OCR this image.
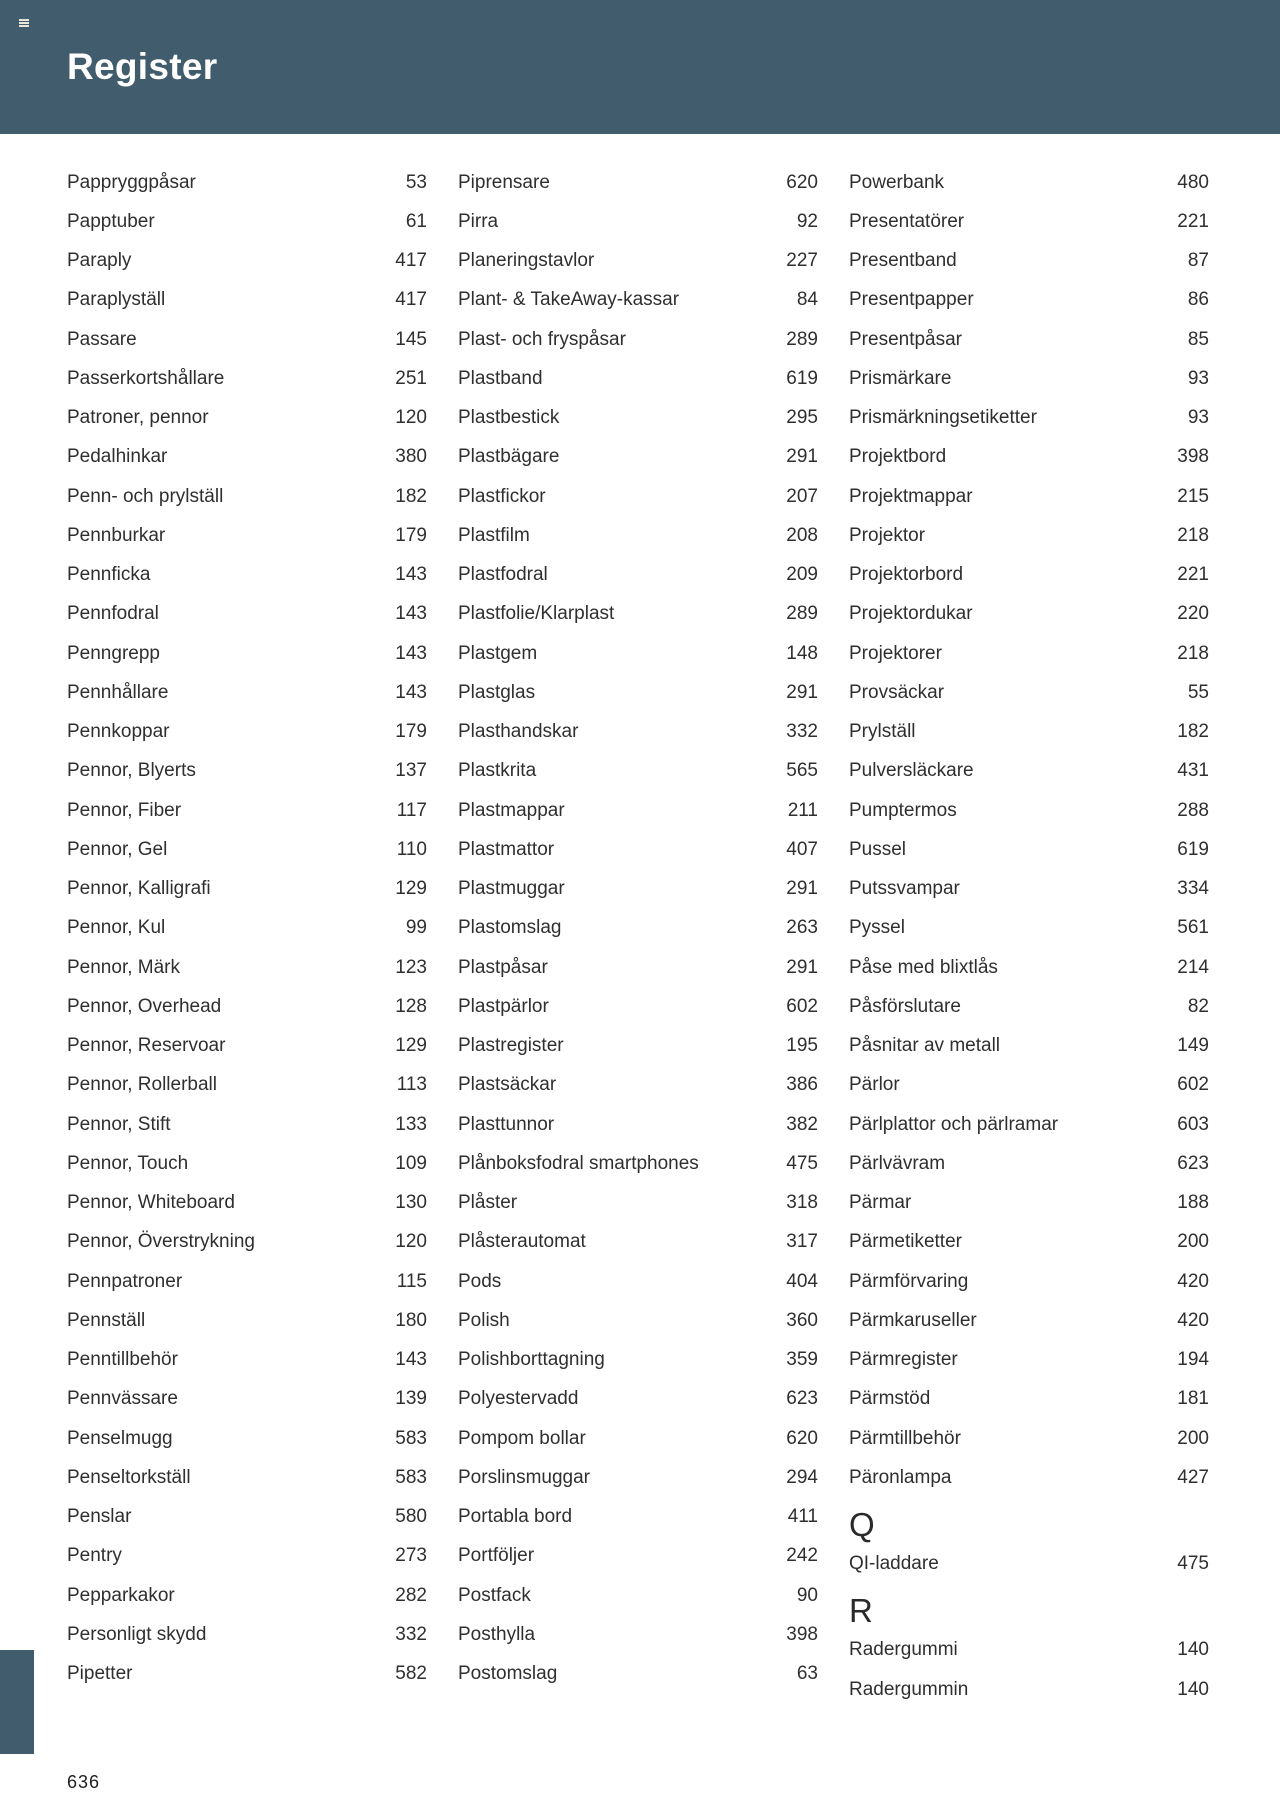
Register
Pappryggpåsar	53
Papptuber	61
Paraply	417
Paraplyställ	417
Passare	145
Passerkortshållare	251
Patroner, pennor	120
Pedalhinkar	380
Penn- och prylställ	182
Pennburkar	179
Pennficka	143
Pennfodral	143
Penngrepp	143
Pennhållare	143
Pennkoppar	179
Pennor, Blyerts	137
Pennor, Fiber	117
Pennor, Gel	110
Pennor, Kalligrafi	129
Pennor, Kul	99
Pennor, Märk	123
Pennor, Overhead	128
Pennor, Reservoar	129
Pennor, Rollerball	113
Pennor, Stift	133
Pennor, Touch	109
Pennor, Whiteboard	130
Pennor, Överstrykning	120
Pennpatroner	115
Pennställ	180
Penntillbehör	143
Pennvässare	139
Penselmugg	583
Penseltorkställ	583
Penslar	580
Pentry	273
Pepparkakor	282
Personligt skydd	332
Pipetter	582
Piprensare	620
Pirra	92
Planeringstavlor	227
Plant- & TakeAway-kassar	84
Plast- och fryspåsar	289
Plastband	619
Plastbestick	295
Plastbägare	291
Plastfickor	207
Plastfilm	208
Plastfodral	209
Plastfolie/Klarplast	289
Plastgem	148
Plastglas	291
Plasthandskar	332
Plastkrita	565
Plastmappar	211
Plastmattor	407
Plastmuggar	291
Plastomslag	263
Plastpåsar	291
Plastpärlor	602
Plastregister	195
Plastsäckar	386
Plasttunnor	382
Plånboksfodral smartphones	475
Plåster	318
Plåsterautomat	317
Pods	404
Polish	360
Polishborttagning	359
Polyestervadd	623
Pompom bollar	620
Porslinsmuggar	294
Portabla bord	411
Portföljer	242
Postfack	90
Posthylla	398
Postomslag	63
Powerbank	480
Presentatörer	221
Presentband	87
Presentpapper	86
Presentpåsar	85
Prismärkare	93
Prismärkningsetiketter	93
Projektbord	398
Projektmappar	215
Projektor	218
Projektorbord	221
Projektordukar	220
Projektorer	218
Provsäckar	55
Prylställ	182
Pulversläckare	431
Pumptermos	288
Pussel	619
Putssvampar	334
Pyssel	561
Påse med blixtlås	214
Påsförslutare	82
Påsnitar av metall	149
Pärlor	602
Pärlplattor och pärlramar	603
Pärlvävram	623
Pärmar	188
Pärmetiketter	200
Pärmförvaring	420
Pärmkaruseller	420
Pärmregister	194
Pärmstöd	181
Pärmtillbehör	200
Päronlampa	427
Q
QI-laddare	475
R
Radergummi	140
Radergummin	140
636
